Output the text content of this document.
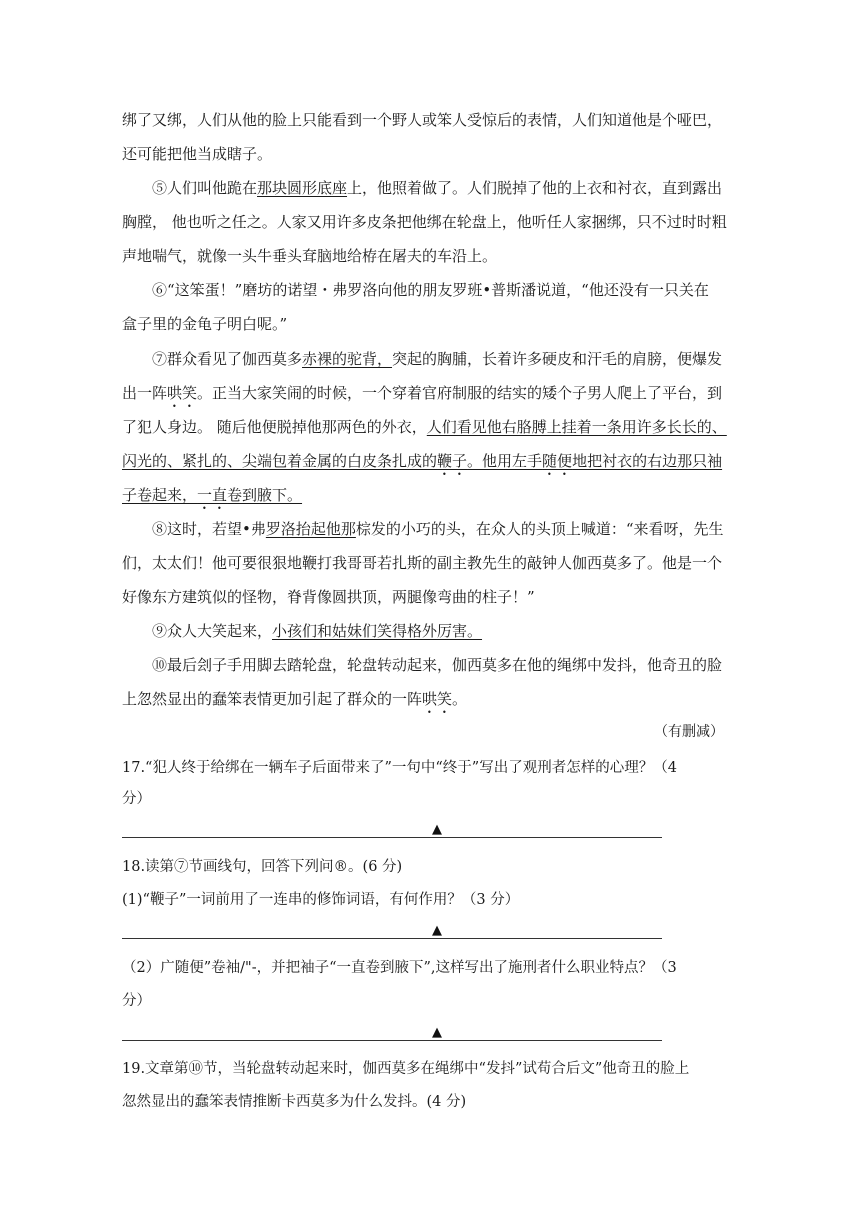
绑了又绑，人们从他的脸上只能看到一个野人或笨人受惊后的表情，人们知道他是个哑巴，
还可能把他当成瞎子。
⑤人们叫他跪在那块圆形底座上，他照着做了。人们脱掉了他的上衣和衬衣，直到露出
胸膛， 他也听之任之。人家又用许多皮条把他绑在轮盘上，他听任人家捆绑，只不过时时粗
声地喘气，就像一头牛垂头耷脑地给栫在屠夫的车沿上。
⑥“这笨蛋！”磨坊的诺望・弗罗洛向他的朋友罗班•普斯潘说道，“他还没有一只关在
盒子里的金龟子明白呢。”
⑦群众看见了伽西莫多赤裸的驼背，突起的胸脯，长着许多硬皮和汗毛的肩膀，便爆发
出一阵哄笑。正当大家笑闹的时候，一个穿着官府制服的结实的矮个子男人爬上了平台，到
了犯人身边。 随后他便脱掉他那两色的外衣，人们看见他右胳膊上挂着一条用许多长长的、
闪光的、紧扎的、尖端包着金属的白皮条扎成的鞭子。他用左手随便地把衬衣的右边那只袖
子卷起来，一直卷到腋下。
⑧这时，若望•弗罗洛抬起他那棕发的小巧的头，在众人的头顶上喊道：“来看呀，先生
们，太太们！他可要很狠地鞭打我哥哥若扎斯的副主教先生的敲钟人伽西莫多了。他是一个
好像东方建筑似的怪物，脊背像圆拱顶，两腿像弯曲的柱子！”
⑨众人大笑起来，小孩们和姑妹们笑得格外厉害。
⑩最后刽子手用脚去踏轮盘，轮盘转动起来，伽西莫多在他的绳绑中发抖，他奇丑的脸
上忽然显出的蠢笨表情更加引起了群众的一阵哄笑。
（有删减）
17.“犯人终于给绑在一辆车子后面带来了”一句中“终于”写出了观刑者怎样的心理？（4
分）
▲
18.读第⑦节画线句，回答下列问®。(6 分)
(1)“鞭子”一词前用了一连串的修饰词语，有何作用？（3 分）
▲
（2）广随便”卷袖/"-，并把袖子“一直卷到腋下”,这样写出了施刑者什么职业特点？（3
分）
▲
19.文章第⑩节，当轮盘转动起来时，伽西莫多在绳绑中“发抖”试苟合后文”他奇丑的脸上
忽然显出的蠢笨表情推断卡西莫多为什么发抖。(4 分)
